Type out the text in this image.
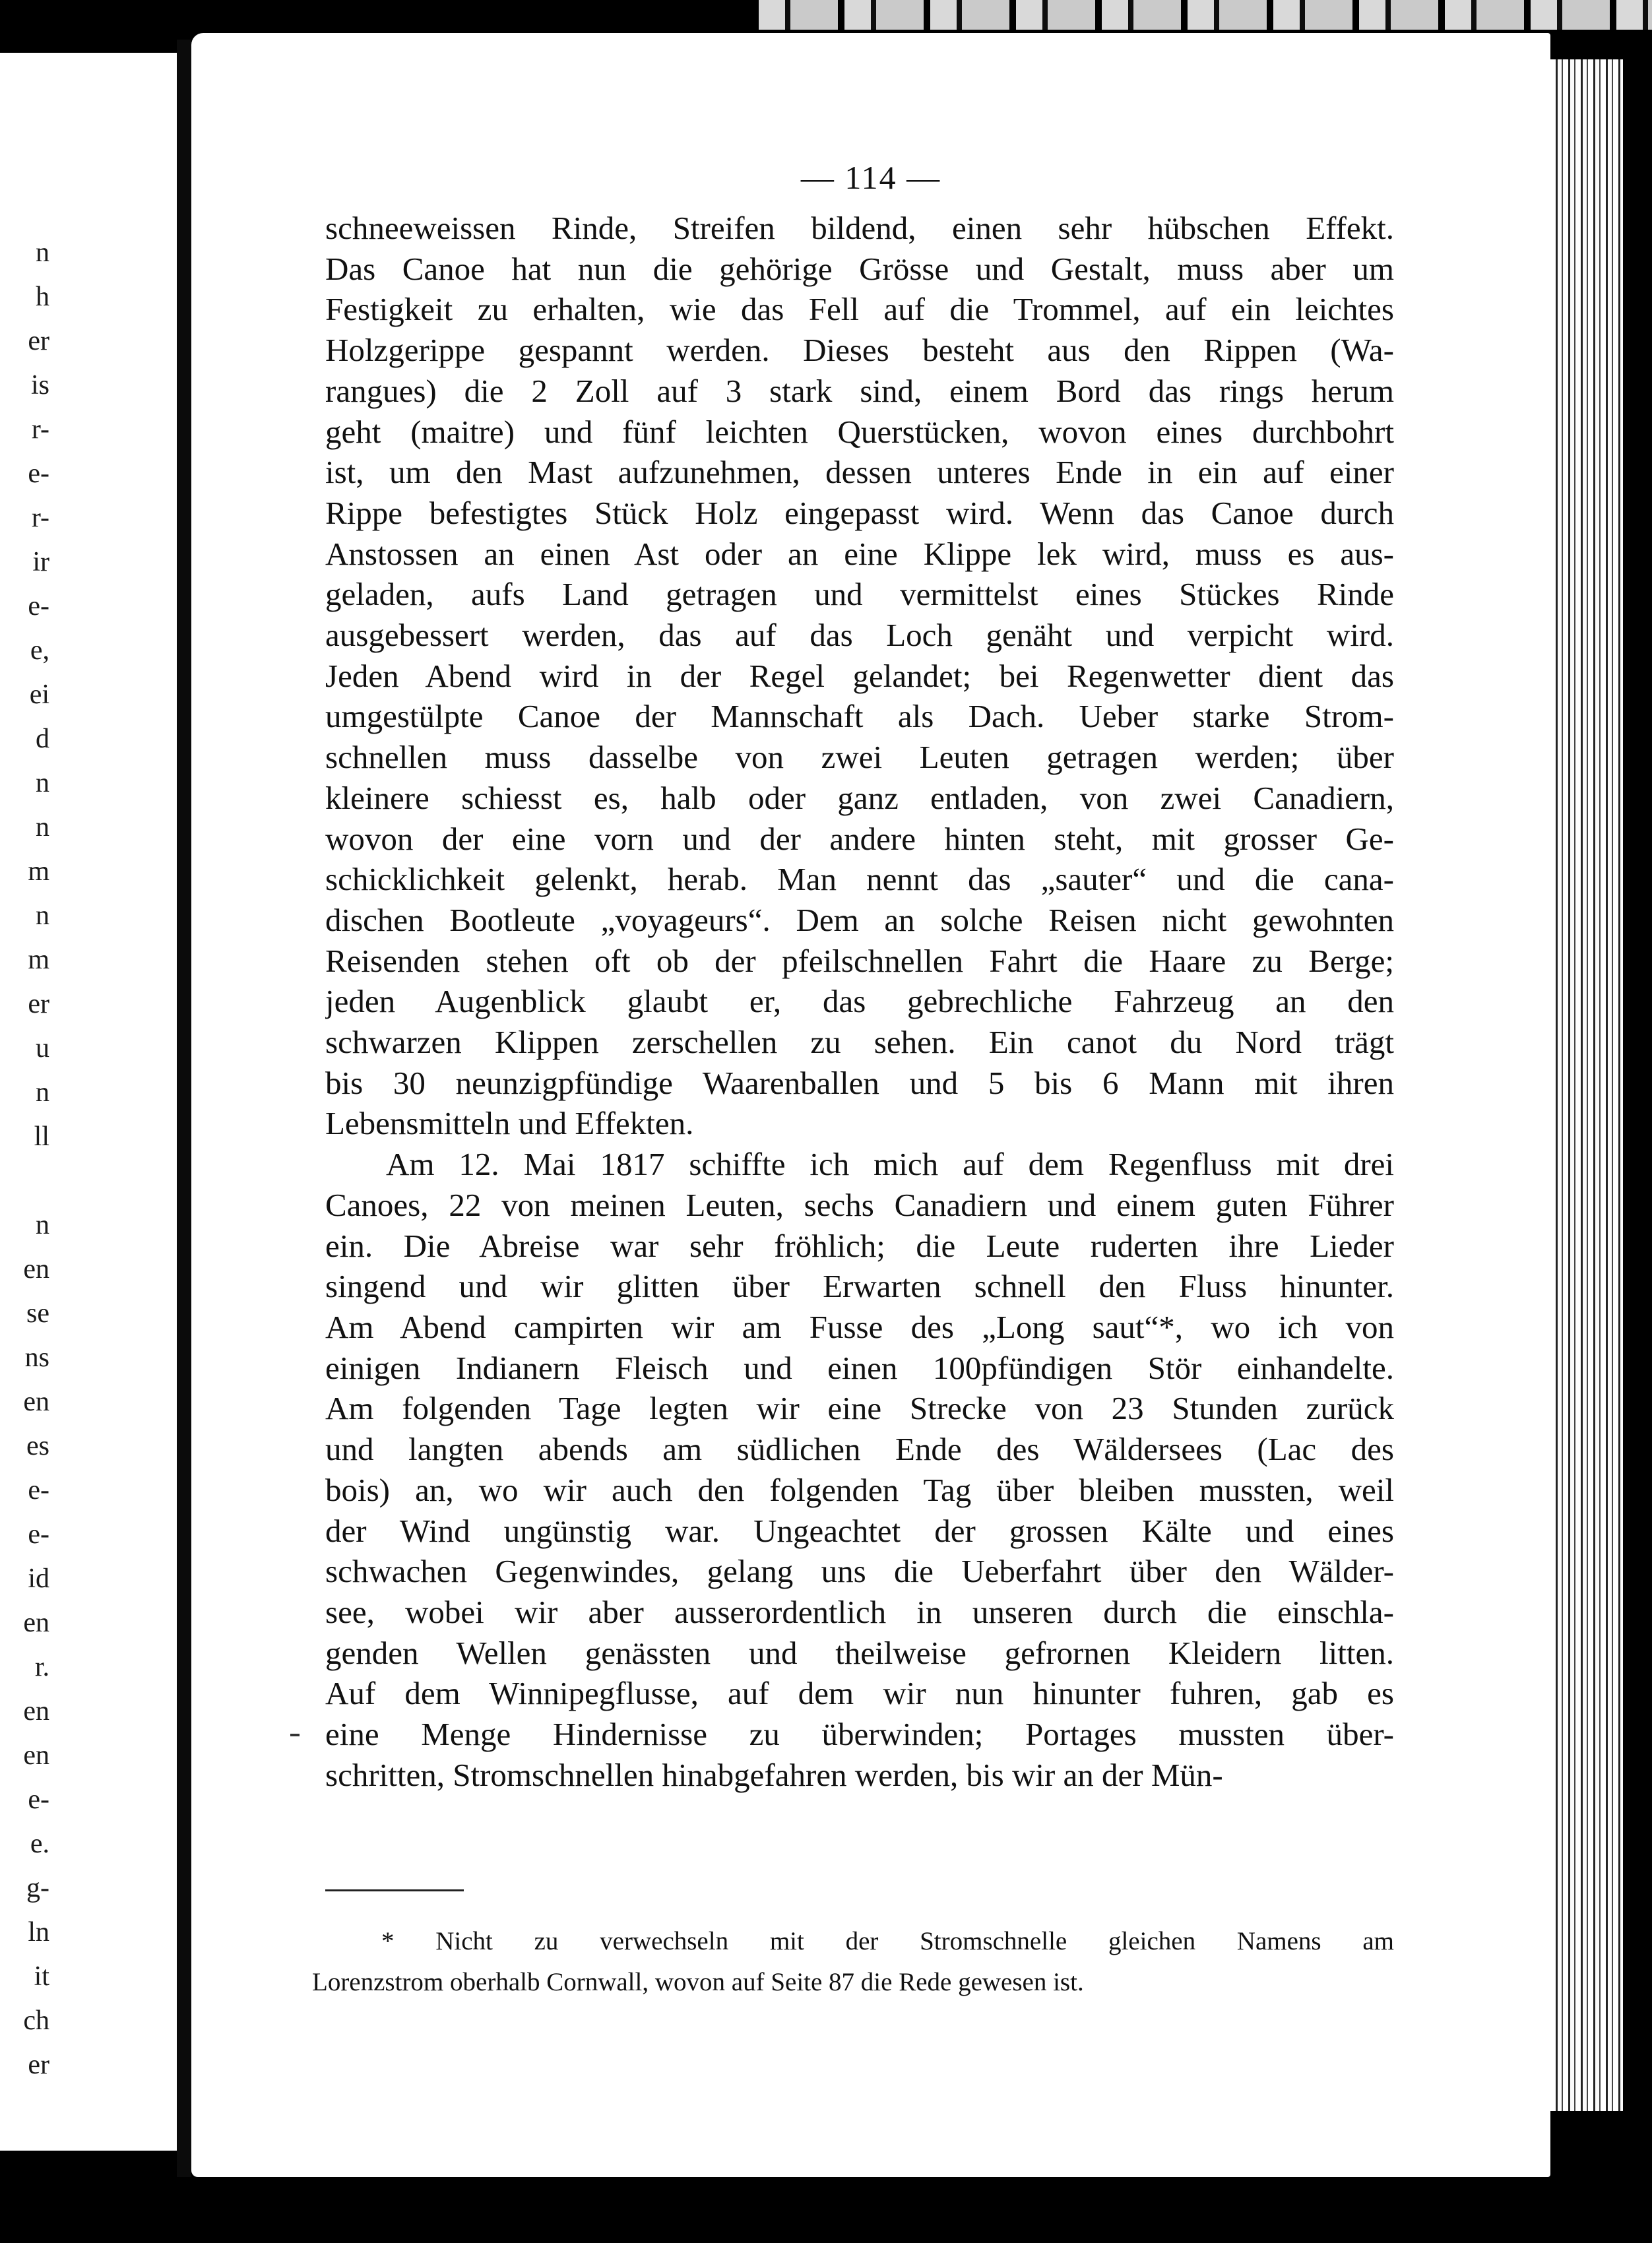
n
h
er
is
r-
e-
r-
ir
e-
e,
ei
d
n
n
m
n
m
er
u
n
ll

n
en
se
ns
en
es
e-
e-
id
en
r.
en
en
e-
e.
g-
ln
it
ch
er
— 114 —
schneeweissen Rinde, Streifen bildend, einen sehr hübschen Effekt.
Das Canoe hat nun die gehörige Grösse und Gestalt, muss aber um
Festigkeit zu erhalten, wie das Fell auf die Trommel, auf ein leichtes
Holzgerippe gespannt werden. Dieses besteht aus den Rippen (Wa-
rangues) die 2 Zoll auf 3 stark sind, einem Bord das rings herum
geht (maitre) und fünf leichten Querstücken, wovon eines durchbohrt
ist, um den Mast aufzunehmen, dessen unteres Ende in ein auf einer
Rippe befestigtes Stück Holz eingepasst wird. Wenn das Canoe durch
Anstossen an einen Ast oder an eine Klippe lek wird, muss es aus-
geladen, aufs Land getragen und vermittelst eines Stückes Rinde
ausgebessert werden, das auf das Loch genäht und verpicht wird.
Jeden Abend wird in der Regel gelandet; bei Regenwetter dient das
umgestülpte Canoe der Mannschaft als Dach. Ueber starke Strom-
schnellen muss dasselbe von zwei Leuten getragen werden; über
kleinere schiesst es, halb oder ganz entladen, von zwei Canadiern,
wovon der eine vorn und der andere hinten steht, mit grosser Ge-
schicklichkeit gelenkt, herab. Man nennt das „sauter“ und die cana-
dischen Bootleute „voyageurs“. Dem an solche Reisen nicht gewohnten
Reisenden stehen oft ob der pfeilschnellen Fahrt die Haare zu Berge;
jeden Augenblick glaubt er, das gebrechliche Fahrzeug an den
schwarzen Klippen zerschellen zu sehen. Ein canot du Nord trägt
bis 30 neunzigpfündige Waarenballen und 5 bis 6 Mann mit ihren
Lebensmitteln und Effekten.
Am 12. Mai 1817 schiffte ich mich auf dem Regenfluss mit drei
Canoes, 22 von meinen Leuten, sechs Canadiern und einem guten Führer
ein. Die Abreise war sehr fröhlich; die Leute ruderten ihre Lieder
singend und wir glitten über Erwarten schnell den Fluss hinunter.
Am Abend campirten wir am Fusse des „Long saut“*, wo ich von
einigen Indianern Fleisch und einen 100pfündigen Stör einhandelte.
Am folgenden Tage legten wir eine Strecke von 23 Stunden zurück
und langten abends am südlichen Ende des Wäldersees (Lac des
bois) an, wo wir auch den folgenden Tag über bleiben mussten, weil
der Wind ungünstig war. Ungeachtet der grossen Kälte und eines
schwachen Gegenwindes, gelang uns die Ueberfahrt über den Wälder-
see, wobei wir aber ausserordentlich in unseren durch die einschla-
genden Wellen genässten und theilweise gefrornen Kleidern litten.
Auf dem Winnipegflusse, auf dem wir nun hinunter fuhren, gab es
eine Menge Hindernisse zu überwinden; Portages mussten über-
schritten, Stromschnellen hinabgefahren werden, bis wir an der Mün-
* Nicht zu verwechseln mit der Stromschnelle gleichen Namens am
Lorenzstrom oberhalb Cornwall, wovon auf Seite 87 die Rede gewesen ist.
